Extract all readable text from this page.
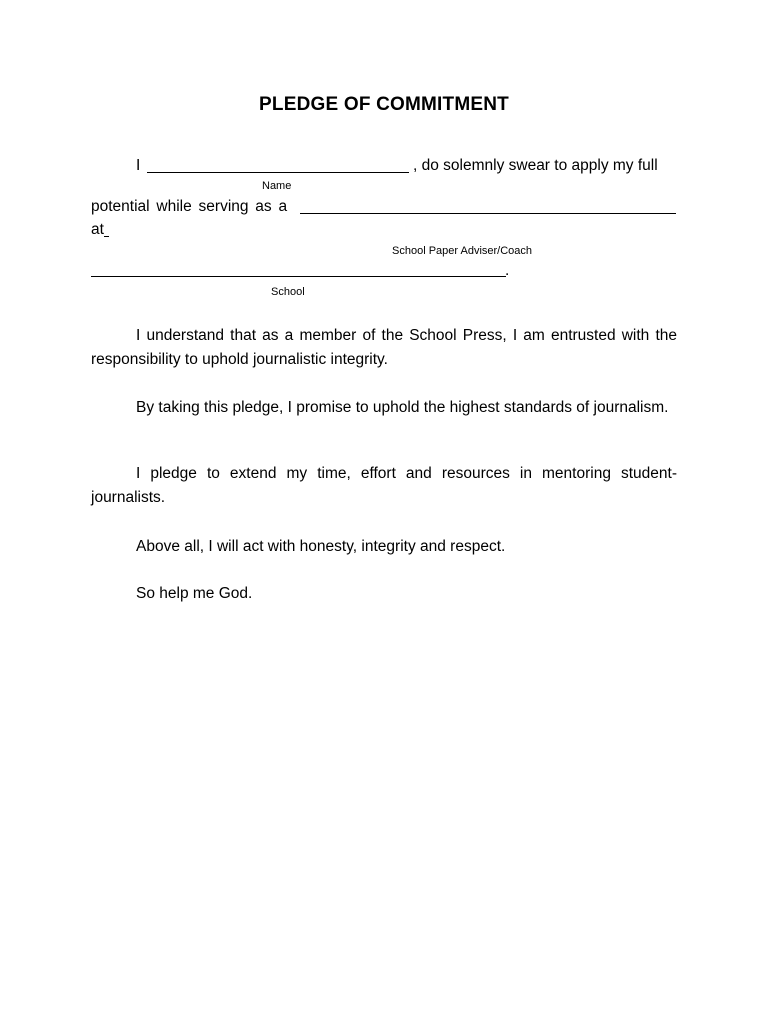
PLEDGE OF COMMITMENT
I	, do solemnly swear to apply my full
Name
potential while serving as a
at
School Paper Adviser/Coach
.
School

I understand that as a member of the School Press, I am entrusted with the responsibility to uphold journalistic integrity.

By taking this pledge, I promise to uphold the highest standards of journalism.

I pledge to extend my time, effort and resources in mentoring student-journalists.

Above all, I will act with honesty, integrity and respect.

So help me God.
